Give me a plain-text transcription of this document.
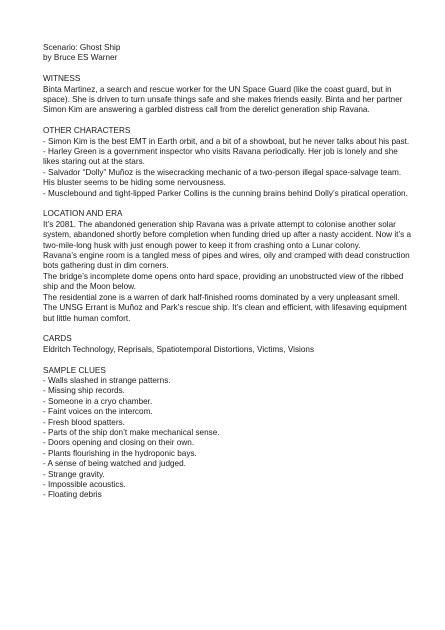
Scenario: Ghost Ship
by Bruce ES Warner
WITNESS
Binta Martinez, a search and rescue worker for the UN Space Guard (like the coast guard, but in space). She is driven to turn unsafe things safe and she makes friends easily. Binta and her partner Simon Kim are answering a garbled distress call from the derelict generation ship Ravana.
OTHER CHARACTERS
- Simon Kim is the best EMT in Earth orbit, and a bit of a showboat, but he never talks about his past.
- Harley Green is a government inspector who visits Ravana periodically. Her job is lonely and she likes staring out at the stars.
- Salvador “Dolly” Muñoz is the wisecracking mechanic of a two-person illegal space-salvage team. His bluster seems to be hiding some nervousness.
- Musclebound and tight-lipped Parker Collins is the cunning brains behind Dolly’s piratical operation.
LOCATION AND ERA
It’s 2081. The abandoned generation ship Ravana was a private attempt to colonise another solar system, abandoned shortly before completion when funding dried up after a nasty accident. Now it’s a two-mile-long husk with just enough power to keep it from crashing onto a Lunar colony.
Ravana’s engine room is a tangled mess of pipes and wires, oily and cramped with dead construction bots gathering dust in dim corners.
The bridge’s incomplete dome opens onto hard space, providing an unobstructed view of the ribbed ship and the Moon below.
The residential zone is a warren of dark half-finished rooms dominated by a very unpleasant smell.
The UNSG Errant is Muñoz and Park’s rescue ship. It’s clean and efficient, with lifesaving equipment but little human comfort.
CARDS
Eldritch Technology, Reprisals, Spatiotemporal Distortions, Victims, Visions
SAMPLE CLUES
- Walls slashed in strange patterns.
- Missing ship records.
- Someone in a cryo chamber.
- Faint voices on the intercom.
- Fresh blood spatters.
- Parts of the ship don’t make mechanical sense.
- Doors opening and closing on their own.
- Plants flourishing in the hydroponic bays.
- A sense of being watched and judged.
- Strange gravity.
- Impossible acoustics.
- Floating debris
